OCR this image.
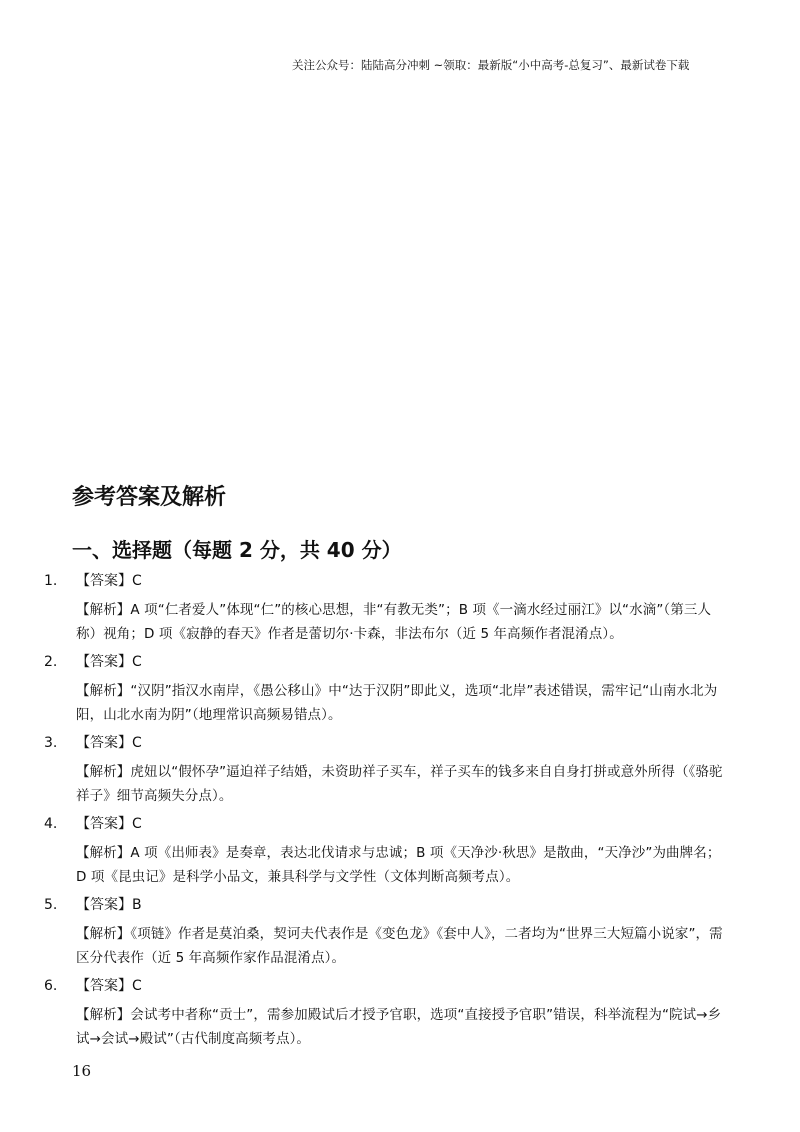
关注公众号：陆陆高分冲刺 ~领取：最新版“小中高考-总复习”、最新试卷下载
参考答案及解析
一、选择题（每题 2 分，共 40 分）
1. 【答案】C
【解析】A 项“仁者爱人”体现“仁”的核心思想，非“有教无类”；B 项《一滴水经过丽江》以“水滴”（第三人称）视角；D 项《寂静的春天》作者是蕾切尔·卡森，非法布尔（近 5 年高频作者混淆点）。
2. 【答案】C
【解析】“汉阴”指汉水南岸，《愚公移山》中“达于汉阴”即此义，选项“北岸”表述错误，需牢记“山南水北为阳，山北水南为阴”（地理常识高频易错点）。
3. 【答案】C
【解析】虎妞以“假怀孕”逼迫祥子结婚，未资助祥子买车，祥子买车的钱多来自自身打拼或意外所得（《骆驼祥子》细节高频失分点）。
4. 【答案】C
【解析】A 项《出师表》是奏章，表达北伐请求与忠诚；B 项《天净沙·秋思》是散曲，“天净沙”为曲牌名；D 项《昆虫记》是科学小品文，兼具科学与文学性（文体判断高频考点）。
5. 【答案】B
【解析】《项链》作者是莫泊桑，契诃夫代表作是《变色龙》《套中人》，二者均为“世界三大短篇小说家”，需区分代表作（近 5 年高频作家作品混淆点）。
6. 【答案】C
【解析】会试考中者称“贡士”，需参加殿试后才授予官职，选项“直接授予官职”错误，科举流程为“院试→乡试→会试→殿试”（古代制度高频考点）。
16
